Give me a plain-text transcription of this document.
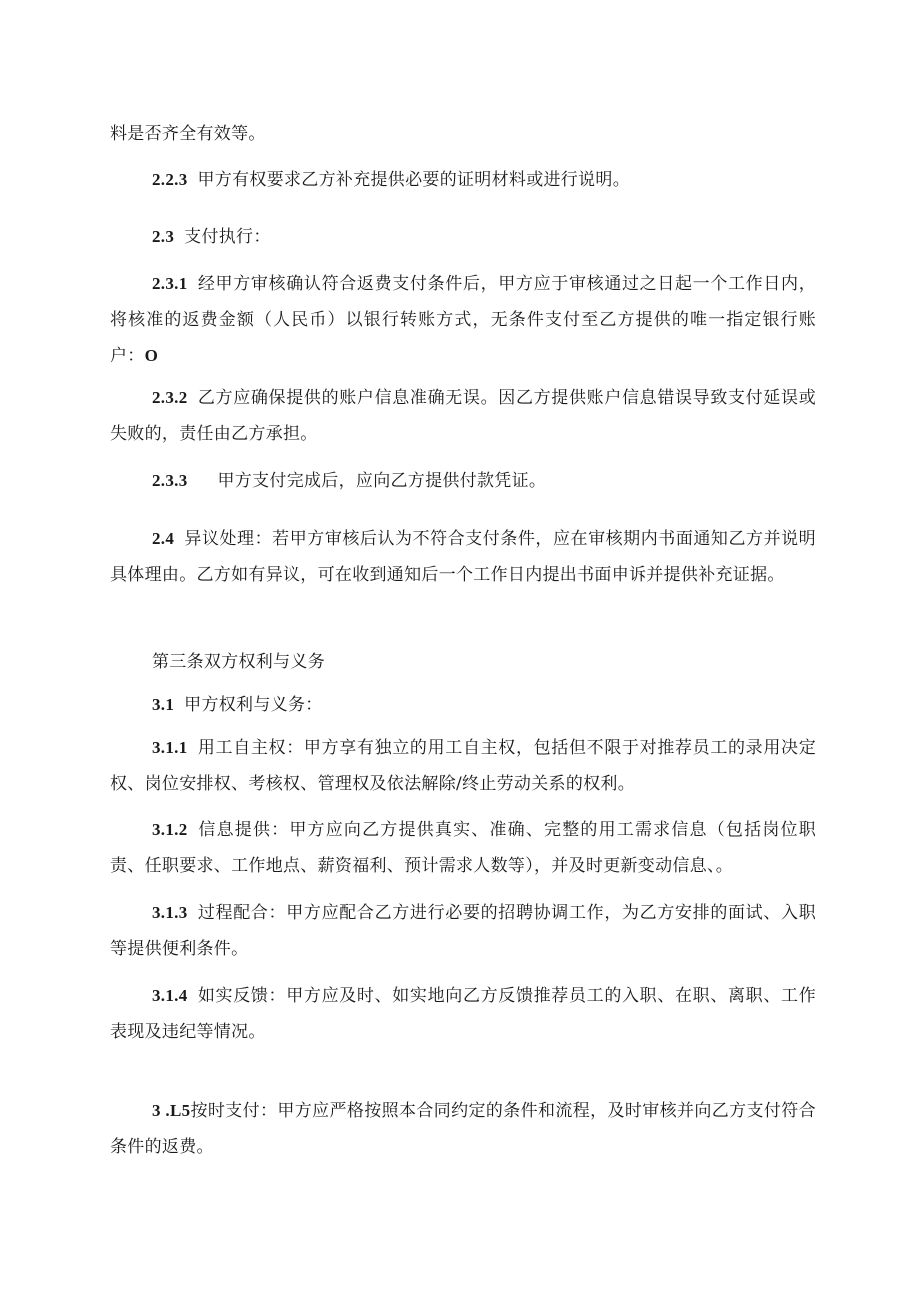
料是否齐全有效等。
2.2.3 甲方有权要求乙方补充提供必要的证明材料或进行说明。
2.3 支付执行：
2.3.1 经甲方审核确认符合返费支付条件后，甲方应于审核通过之日起一个工作日内，将核准的返费金额（人民币）以银行转账方式，无条件支付至乙方提供的唯一指定银行账户：O
2.3.2 乙方应确保提供的账户信息准确无误。因乙方提供账户信息错误导致支付延误或失败的，责任由乙方承担。
2.3.3 甲方支付完成后，应向乙方提供付款凭证。
2.4 异议处理：若甲方审核后认为不符合支付条件，应在审核期内书面通知乙方并说明具体理由。乙方如有异议，可在收到通知后一个工作日内提出书面申诉并提供补充证据。
第三条双方权利与义务
3.1 甲方权利与义务：
3.1.1 用工自主权：甲方享有独立的用工自主权，包括但不限于对推荐员工的录用决定权、岗位安排权、考核权、管理权及依法解除/终止劳动关系的权利。
3.1.2 信息提供：甲方应向乙方提供真实、准确、完整的用工需求信息（包括岗位职责、任职要求、工作地点、薪资福利、预计需求人数等），并及时更新变动信息、。
3.1.3 过程配合：甲方应配合乙方进行必要的招聘协调工作，为乙方安排的面试、入职等提供便利条件。
3.1.4 如实反馈：甲方应及时、如实地向乙方反馈推荐员工的入职、在职、离职、工作表现及违纪等情况。
3 .L5按时支付：甲方应严格按照本合同约定的条件和流程，及时审核并向乙方支付符合条件的返费。
